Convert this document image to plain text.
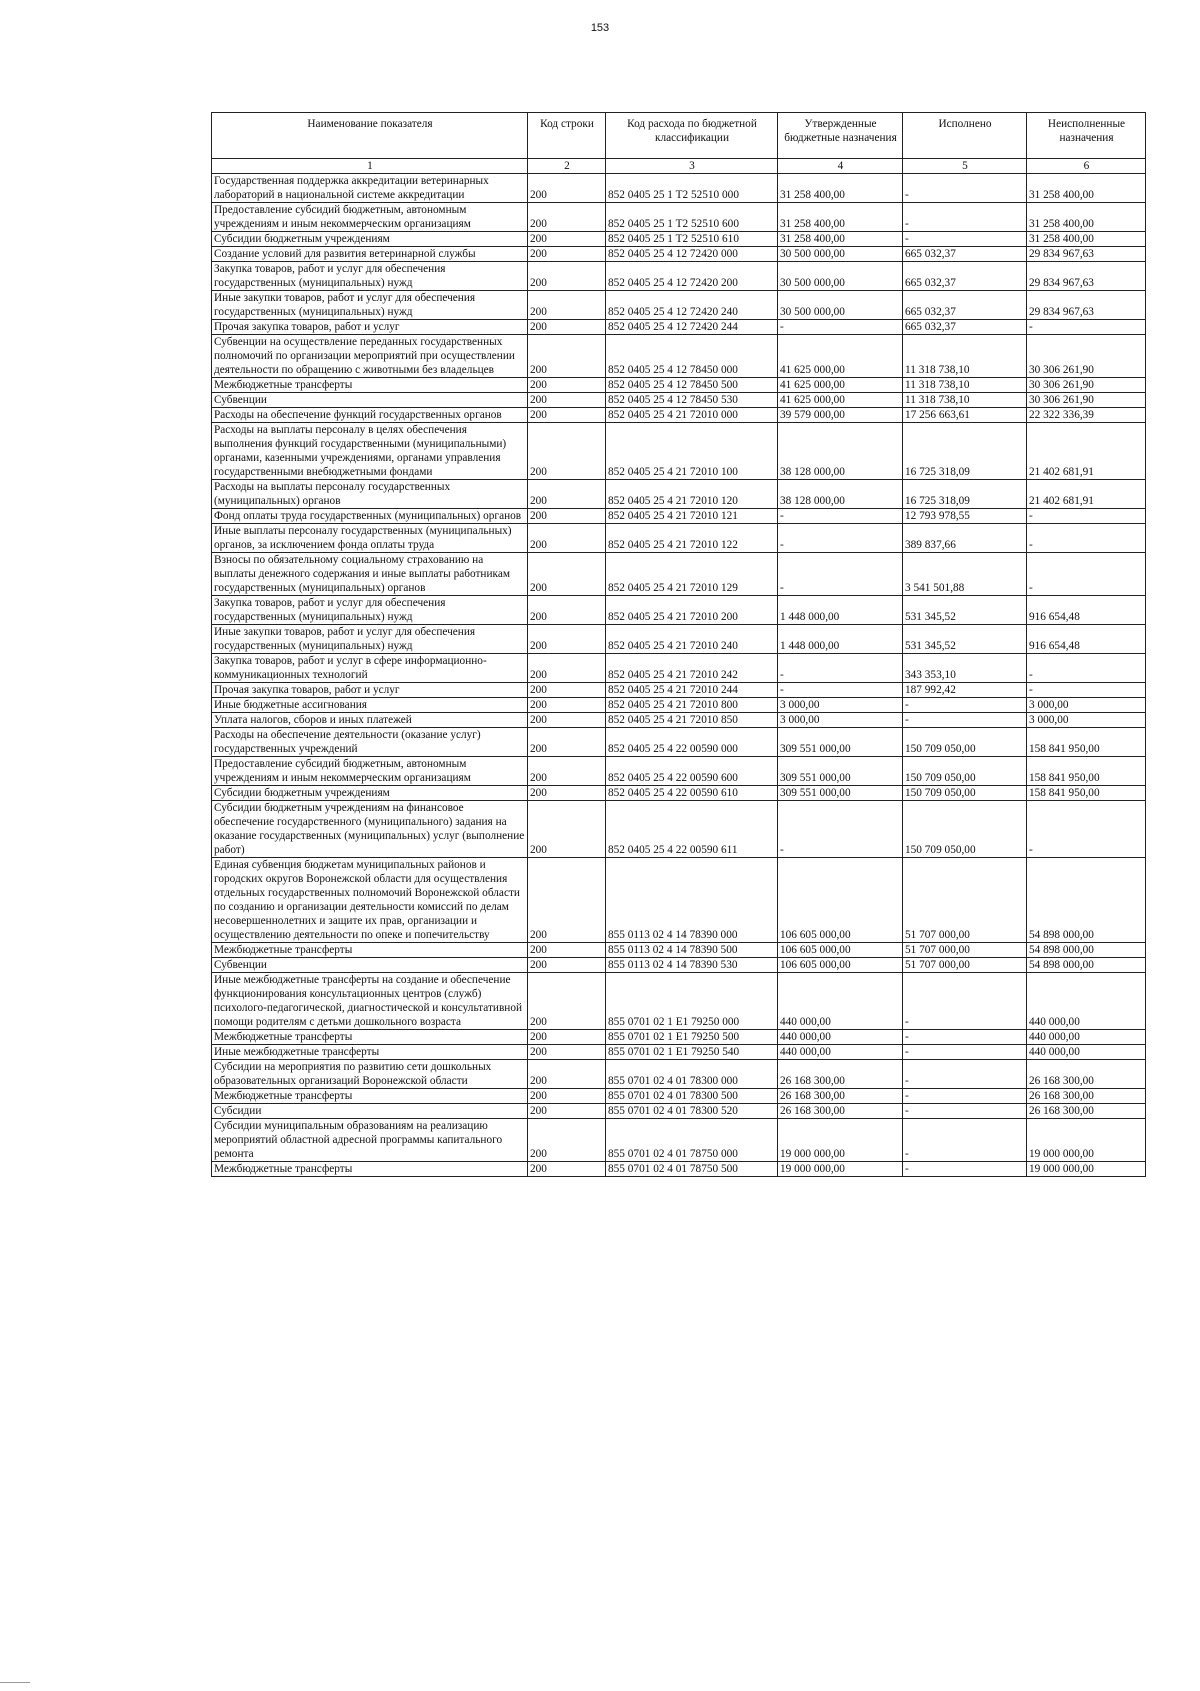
153
Наименование показателя	Код строки	Код расхода по бюджетной классификации	Утвержденные бюджетные назначения	Исполнено	Неисполненные назначения
1	2	3	4	5	6
Государственная поддержка аккредитации ветеринарных лабораторий в национальной системе аккредитации	200	852 0405 25 1 T2 52510 000	31 258 400,00	-	31 258 400,00
Предоставление субсидий бюджетным, автономным учреждениям и иным некоммерческим организациям	200	852 0405 25 1 T2 52510 600	31 258 400,00	-	31 258 400,00
Субсидии бюджетным учреждениям	200	852 0405 25 1 T2 52510 610	31 258 400,00	-	31 258 400,00
Создание условий для развития ветеринарной службы	200	852 0405 25 4 12 72420 000	30 500 000,00	665 032,37	29 834 967,63
Закупка товаров, работ и услуг для обеспечения государственных (муниципальных) нужд	200	852 0405 25 4 12 72420 200	30 500 000,00	665 032,37	29 834 967,63
Иные закупки товаров, работ и услуг для обеспечения государственных (муниципальных) нужд	200	852 0405 25 4 12 72420 240	30 500 000,00	665 032,37	29 834 967,63
Прочая закупка товаров, работ и услуг	200	852 0405 25 4 12 72420 244	-	665 032,37	-
Субвенции на осуществление переданных государственных полномочий по организации мероприятий при осуществлении деятельности по обращению с животными без владельцев	200	852 0405 25 4 12 78450 000	41 625 000,00	11 318 738,10	30 306 261,90
Межбюджетные трансферты	200	852 0405 25 4 12 78450 500	41 625 000,00	11 318 738,10	30 306 261,90
Субвенции	200	852 0405 25 4 12 78450 530	41 625 000,00	11 318 738,10	30 306 261,90
Расходы на обеспечение функций государственных органов	200	852 0405 25 4 21 72010 000	39 579 000,00	17 256 663,61	22 322 336,39
Расходы на выплаты персоналу в целях обеспечения выполнения функций государственными (муниципальными) органами, казенными учреждениями, органами управления государственными внебюджетными фондами	200	852 0405 25 4 21 72010 100	38 128 000,00	16 725 318,09	21 402 681,91
Расходы на выплаты персоналу государственных (муниципальных) органов	200	852 0405 25 4 21 72010 120	38 128 000,00	16 725 318,09	21 402 681,91
Фонд оплаты труда государственных (муниципальных) органов	200	852 0405 25 4 21 72010 121	-	12 793 978,55	-
Иные выплаты персоналу государственных (муниципальных) органов, за исключением фонда оплаты труда	200	852 0405 25 4 21 72010 122	-	389 837,66	-
Взносы по обязательному социальному страхованию на выплаты денежного содержания и иные выплаты работникам государственных (муниципальных) органов	200	852 0405 25 4 21 72010 129	-	3 541 501,88	-
Закупка товаров, работ и услуг для обеспечения государственных (муниципальных) нужд	200	852 0405 25 4 21 72010 200	1 448 000,00	531 345,52	916 654,48
Иные закупки товаров, работ и услуг для обеспечения государственных (муниципальных) нужд	200	852 0405 25 4 21 72010 240	1 448 000,00	531 345,52	916 654,48
Закупка товаров, работ и услуг в сфере информационно-коммуникационных технологий	200	852 0405 25 4 21 72010 242	-	343 353,10	-
Прочая закупка товаров, работ и услуг	200	852 0405 25 4 21 72010 244	-	187 992,42	-
Иные бюджетные ассигнования	200	852 0405 25 4 21 72010 800	3 000,00	-	3 000,00
Уплата налогов, сборов и иных платежей	200	852 0405 25 4 21 72010 850	3 000,00	-	3 000,00
Расходы на обеспечение деятельности (оказание услуг) государственных учреждений	200	852 0405 25 4 22 00590 000	309 551 000,00	150 709 050,00	158 841 950,00
Предоставление субсидий бюджетным, автономным учреждениям и иным некоммерческим организациям	200	852 0405 25 4 22 00590 600	309 551 000,00	150 709 050,00	158 841 950,00
Субсидии бюджетным учреждениям	200	852 0405 25 4 22 00590 610	309 551 000,00	150 709 050,00	158 841 950,00
Субсидии бюджетным учреждениям на финансовое обеспечение государственного (муниципального) задания на оказание государственных (муниципальных) услуг (выполнение работ)	200	852 0405 25 4 22 00590 611	-	150 709 050,00	-
Единая субвенция бюджетам муниципальных районов и городских округов Воронежской области для осуществления отдельных государственных полномочий Воронежской области по созданию и организации деятельности комиссий по делам несовершеннолетних и защите их прав, организации и осуществлению деятельности по опеке и попечительству	200	855 0113 02 4 14 78390 000	106 605 000,00	51 707 000,00	54 898 000,00
Межбюджетные трансферты	200	855 0113 02 4 14 78390 500	106 605 000,00	51 707 000,00	54 898 000,00
Субвенции	200	855 0113 02 4 14 78390 530	106 605 000,00	51 707 000,00	54 898 000,00
Иные межбюджетные трансферты на создание и обеспечение функционирования консультационных центров (служб) психолого-педагогической, диагностической и консультативной помощи родителям с детьми дошкольного возраста	200	855 0701 02 1 E1 79250 000	440 000,00	-	440 000,00
Межбюджетные трансферты	200	855 0701 02 1 E1 79250 500	440 000,00	-	440 000,00
Иные межбюджетные трансферты	200	855 0701 02 1 E1 79250 540	440 000,00	-	440 000,00
Субсидии на мероприятия по развитию сети дошкольных образовательных организаций Воронежской области	200	855 0701 02 4 01 78300 000	26 168 300,00	-	26 168 300,00
Межбюджетные трансферты	200	855 0701 02 4 01 78300 500	26 168 300,00	-	26 168 300,00
Субсидии	200	855 0701 02 4 01 78300 520	26 168 300,00	-	26 168 300,00
Субсидии муниципальным образованиям на реализацию мероприятий областной адресной программы капитального ремонта	200	855 0701 02 4 01 78750 000	19 000 000,00	-	19 000 000,00
Межбюджетные трансферты	200	855 0701 02 4 01 78750 500	19 000 000,00	-	19 000 000,00
